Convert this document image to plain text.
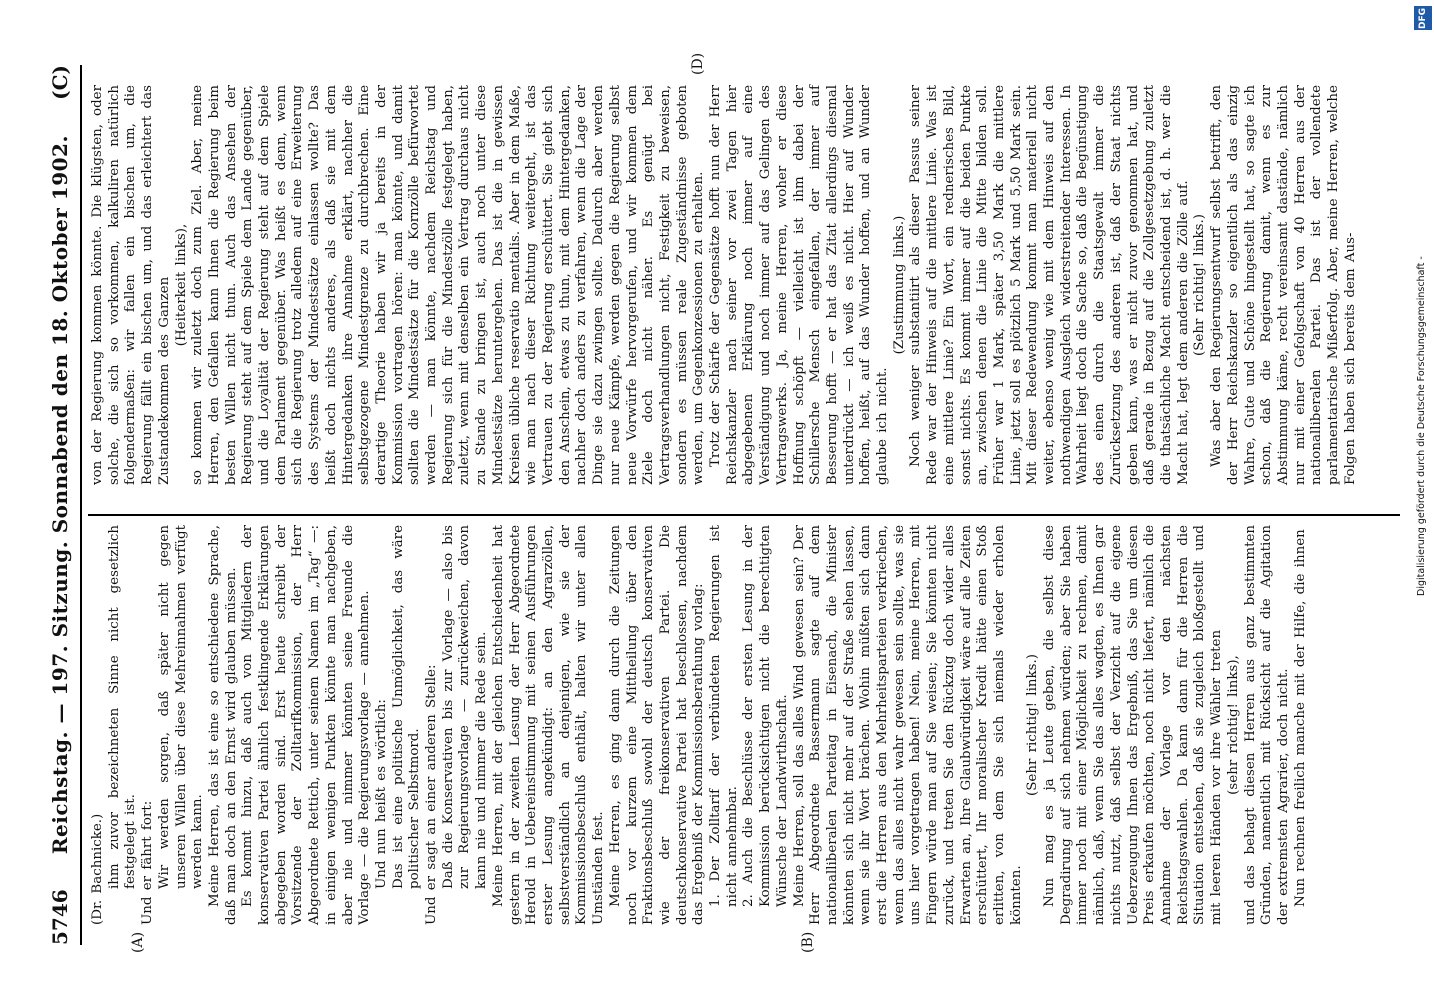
5746
Reichstag. — 197. Sitzung. Sonnabend den 18. Oktober 1902.
(C)
(A)	(B)
(D)

(Dr. Bachnicke.) ihm zuvor bezeichneten Sinne nicht gesetzlich festgelegt ist. Und er fährt fort: Wir werden sorgen, daß später nicht gegen unseren Willen über diese Mehreinnahmen verfügt werden kann. Meine Herren, das ist eine so entschiedene Sprache, daß man doch an den Ernst wird glauben müssen. Es kommt hinzu, daß auch von Mitgliedern der konservativen Partei ähnlich festklingende Erklärungen abgegeben worden sind. Erst heute schreibt der Vorsitzende der Zolltarifkommission, der Herr Abgeordnete Rettich, unter seinem Namen im „Tag“ —: in einigen wenigen Punkten könnte man nachgeben, aber nie und nimmer könnten seine Freunde die Vorlage — die Regierungsvorlage — annehmen. Und nun heißt es wörtlich: Das ist eine politische Unmöglichkeit, das wäre politischer Selbstmord. Und er sagt an einer anderen Stelle: Daß die Konservativen bis zur Vorlage — also bis zur Regierungsvorlage — zurückweichen, davon kann nie und nimmer die Rede sein. Meine Herren, mit der gleichen Entschiedenheit hat gestern in der zweiten Lesung der Herr Abgeordnete Herold in Uebereinstimmung mit seinen Ausführungen erster Lesung angekündigt: an den Agrarzöllen, selbstverständlich an denjenigen, wie sie der Kommissionsbeschluß enthält, halten wir unter allen Umständen fest. Meine Herren, es ging dann durch die Zeitungen noch vor kurzem eine Mittheilung über den Fraktionsbeschluß sowohl der deutsch konservativen wie der freikonservativen Partei. Die deutschkonservative Partei hat beschlossen, nachdem das Ergebniß der Kommissionsberathung vorlag: 1. Der Zolltarif der verbündeten Regierungen ist nicht annehmbar. 2. Auch die Beschlüsse der ersten Lesung in der Kommission berücksichtigen nicht die berechtigten Wünsche der Landwirthschaft. Meine Herren, soll das alles Wind gewesen sein? Der Herr Abgeordnete Bassermann sagte auf dem nationalliberalen Parteitag in Eisenach, die Minister könnten sich nicht mehr auf der Straße sehen lassen, wenn sie ihr Wort brächen. Wohin müßten sich dann erst die Herren aus den Mehrheitsparteien verkriechen, wenn das alles nicht wahr gewesen sein sollte, was sie uns hier vorgetragen haben! Nein, meine Herren, mit Fingern würde man auf Sie weisen; Sie könnten nicht zurück, und treten Sie den Rückzug doch wider alles Erwarten an, Ihre Glaubwürdigkeit wäre auf alle Zeiten erschüttert, Ihr moralischer Kredit hätte einen Stoß erlitten, von dem Sie sich niemals wieder erholen könnten.

(Sehr richtig! links.) Nun mag es ja Leute geben, die selbst diese Degradirung auf sich nehmen würden; aber Sie haben immer noch mit einer Möglichkeit zu rechnen, damit nämlich, daß, wenn Sie das alles wagten, es Ihnen gar nichts nutzt, daß selbst der Verzicht auf die eigene Ueberzeugung Ihnen das Ergebniß, das Sie um diesen Preis erkaufen möchten, noch nicht liefert, nämlich die Annahme der Vorlage vor den nächsten Reichstagswahlen. Da kann dann für die Herren die Situation entstehen, daß sie zugleich bloßgestellt und mit leeren Händen vor ihre Wähler treten (sehr richtig! links), und das behagt diesen Herren aus ganz bestimmten Gründen, namentlich mit Rücksicht auf die Agitation der extremsten Agrarier, doch nicht. Nun rechnen freilich manche mit der Hilfe, die ihnen

von der Regierung kommen könnte. Die klügsten, oder solche, die sich so vorkommen, kalkuliren natürlich folgendermaßen: wir fallen ein bischen um, die Regierung fällt ein bischen um, und das erleichtert das Zustandekommen des Ganzen (Heiterkeit links), so kommen wir zuletzt doch zum Ziel. Aber, meine Herren, den Gefallen kann Ihnen die Regierung beim besten Willen nicht thun. Auch das Ansehen der Regierung steht auf dem Spiele dem Lande gegenüber, und die Loyalität der Regierung steht auf dem Spiele dem Parlament gegenüber. Was heißt es denn, wenn sich die Regierung trotz alledem auf eine Erweiterung des Systems der Mindestsätze einlassen wollte? Das heißt doch nichts anderes, als daß sie mit dem Hintergedanken ihre Annahme erklärt, nachher die selbstgezogene Mindestgrenze zu durchbrechen. Eine derartige Theorie haben wir ja bereits in der Kommission vortragen hören: man könnte, und damit sollten die Mindestsätze für die Kornzölle befürwortet werden — man könnte, nachdem Reichstag und Regierung sich für die Mindestzölle festgelegt haben, zuletzt, wenn mit denselben ein Vertrag durchaus nicht zu Stande zu bringen ist, auch noch unter diese Mindestsätze heruntergehen. Das ist die in gewissen Kreisen übliche reservatio mentalis. Aber in dem Maße, wie man nach dieser Richtung weitergeht, ist das Vertrauen zu der Regierung erschüttert. Sie giebt sich den Anschein, etwas zu thun, mit dem Hintergedanken, nachher doch anders zu verfahren, wenn die Lage der Dinge sie dazu zwingen sollte. Dadurch aber werden nur neue Kämpfe, werden gegen die Regierung selbst neue Vorwürfe hervorgerufen, und wir kommen dem Ziele doch nicht näher. Es genügt bei Vertragsverhandlungen nicht, Festigkeit zu beweisen, sondern es müssen reale Zugeständnisse geboten werden, um Gegenkonzessionen zu erhalten. Trotz der Schärfe der Gegensätze hofft nun der Herr Reichskanzler nach seiner vor zwei Tagen hier abgegebenen Erklärung noch immer auf eine Verständigung und noch immer auf das Gelingen des Vertragswerks. Ja, meine Herren, woher er diese Hoffnung schöpft — vielleicht ist ihm dabei der Schillersche Mensch eingefallen, der immer auf Besserung hofft — er hat das Zitat allerdings diesmal unterdrückt — ich weiß es nicht. Hier auf Wunder hoffen, heißt, auf das Wunder hoffen, und an Wunder glaube ich nicht.

(Zustimmung links.) Noch weniger substantiirt als dieser Passus seiner Rede war der Hinweis auf die mittlere Linie. Was ist eine mittlere Linie? Ein Wort, ein rednerisches Bild, sonst nichts. Es kommt immer auf die beiden Punkte an, zwischen denen die Linie die Mitte bilden soll. Früher war 1 Mark, später 3,50 Mark die mittlere Linie, jetzt soll es plötzlich 5 Mark und 5,50 Mark sein. Mit dieser Redewendung kommt man materiell nicht weiter, ebenso wenig wie mit dem Hinweis auf den nothwendigen Ausgleich widerstreitender Interessen. In Wahrheit liegt doch die Sache so, daß die Begünstigung des einen durch die Staatsgewalt immer die Zurücksetzung des anderen ist, daß der Staat nichts geben kann, was er nicht zuvor genommen hat, und daß gerade in Bezug auf die Zollgesetzgebung zuletzt die thatsächliche Macht entscheidend ist, d. h. wer die Macht hat, legt dem anderen die Zölle auf. (Sehr richtig! links.) Was aber den Regierungsentwurf selbst betrifft, den der Herr Reichskanzler so eigentlich als das einzig Wahre, Gute und Schöne hingestellt hat, so sagte ich schon, daß die Regierung damit, wenn es zur Abstimmung käme, recht vereinsamt dastände, nämlich nur mit einer Gefolgschaft von 40 Herren aus der nationalliberalen Partei. Das ist der vollendete parlamentarische Mißerfolg. Aber, meine Herren, welche Folgen haben sich bereits dem Aus-

DFG
Digitalisierung gefördert durch die Deutsche Forschungsgemeinschaft -
